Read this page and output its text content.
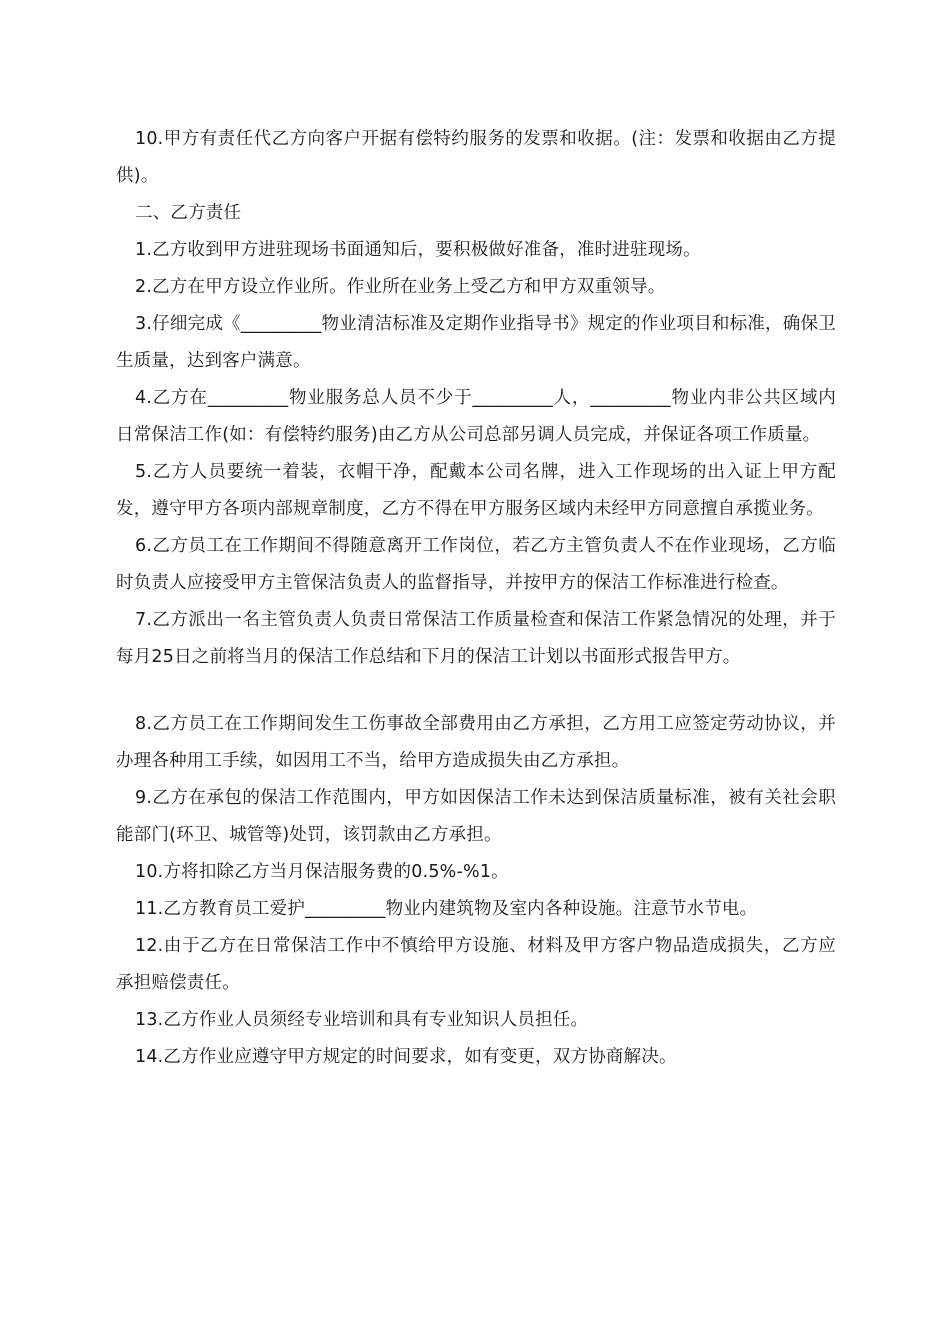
10.甲方有责任代乙方向客户开据有偿特约服务的发票和收据。(注：发票和收据由乙方提供)。

二、乙方责任

1.乙方收到甲方进驻现场书面通知后，要积极做好准备，准时进驻现场。

2.乙方在甲方设立作业所。作业所在业务上受乙方和甲方双重领导。

3.仔细完成《_________物业清洁标准及定期作业指导书》规定的作业项目和标准，确保卫生质量，达到客户满意。

4.乙方在_________物业服务总人员不少于_________人，_________物业内非公共区域内日常保洁工作(如：有偿特约服务)由乙方从公司总部另调人员完成，并保证各项工作质量。

5.乙方人员要统一着装，衣帽干净，配戴本公司名牌，进入工作现场的出入证上甲方配发，遵守甲方各项内部规章制度，乙方不得在甲方服务区域内未经甲方同意擅自承揽业务。

6.乙方员工在工作期间不得随意离开工作岗位，若乙方主管负责人不在作业现场，乙方临时负责人应接受甲方主管保洁负责人的监督指导，并按甲方的保洁工作标准进行检查。

7.乙方派出一名主管负责人负责日常保洁工作质量检查和保洁工作紧急情况的处理，并于每月25日之前将当月的保洁工作总结和下月的保洁工计划以书面形式报告甲方。

8.乙方员工在工作期间发生工伤事故全部费用由乙方承担，乙方用工应签定劳动协议，并办理各种用工手续，如因用工不当，给甲方造成损失由乙方承担。

9.乙方在承包的保洁工作范围内，甲方如因保洁工作未达到保洁质量标准，被有关社会职能部门(环卫、城管等)处罚，该罚款由乙方承担。

10.方将扣除乙方当月保洁服务费的0.5%-%1。

11.乙方教育员工爱护_________物业内建筑物及室内各种设施。注意节水节电。

12.由于乙方在日常保洁工作中不慎给甲方设施、材料及甲方客户物品造成损失，乙方应承担赔偿责任。

13.乙方作业人员须经专业培训和具有专业知识人员担任。

14.乙方作业应遵守甲方规定的时间要求，如有变更，双方协商解决。
